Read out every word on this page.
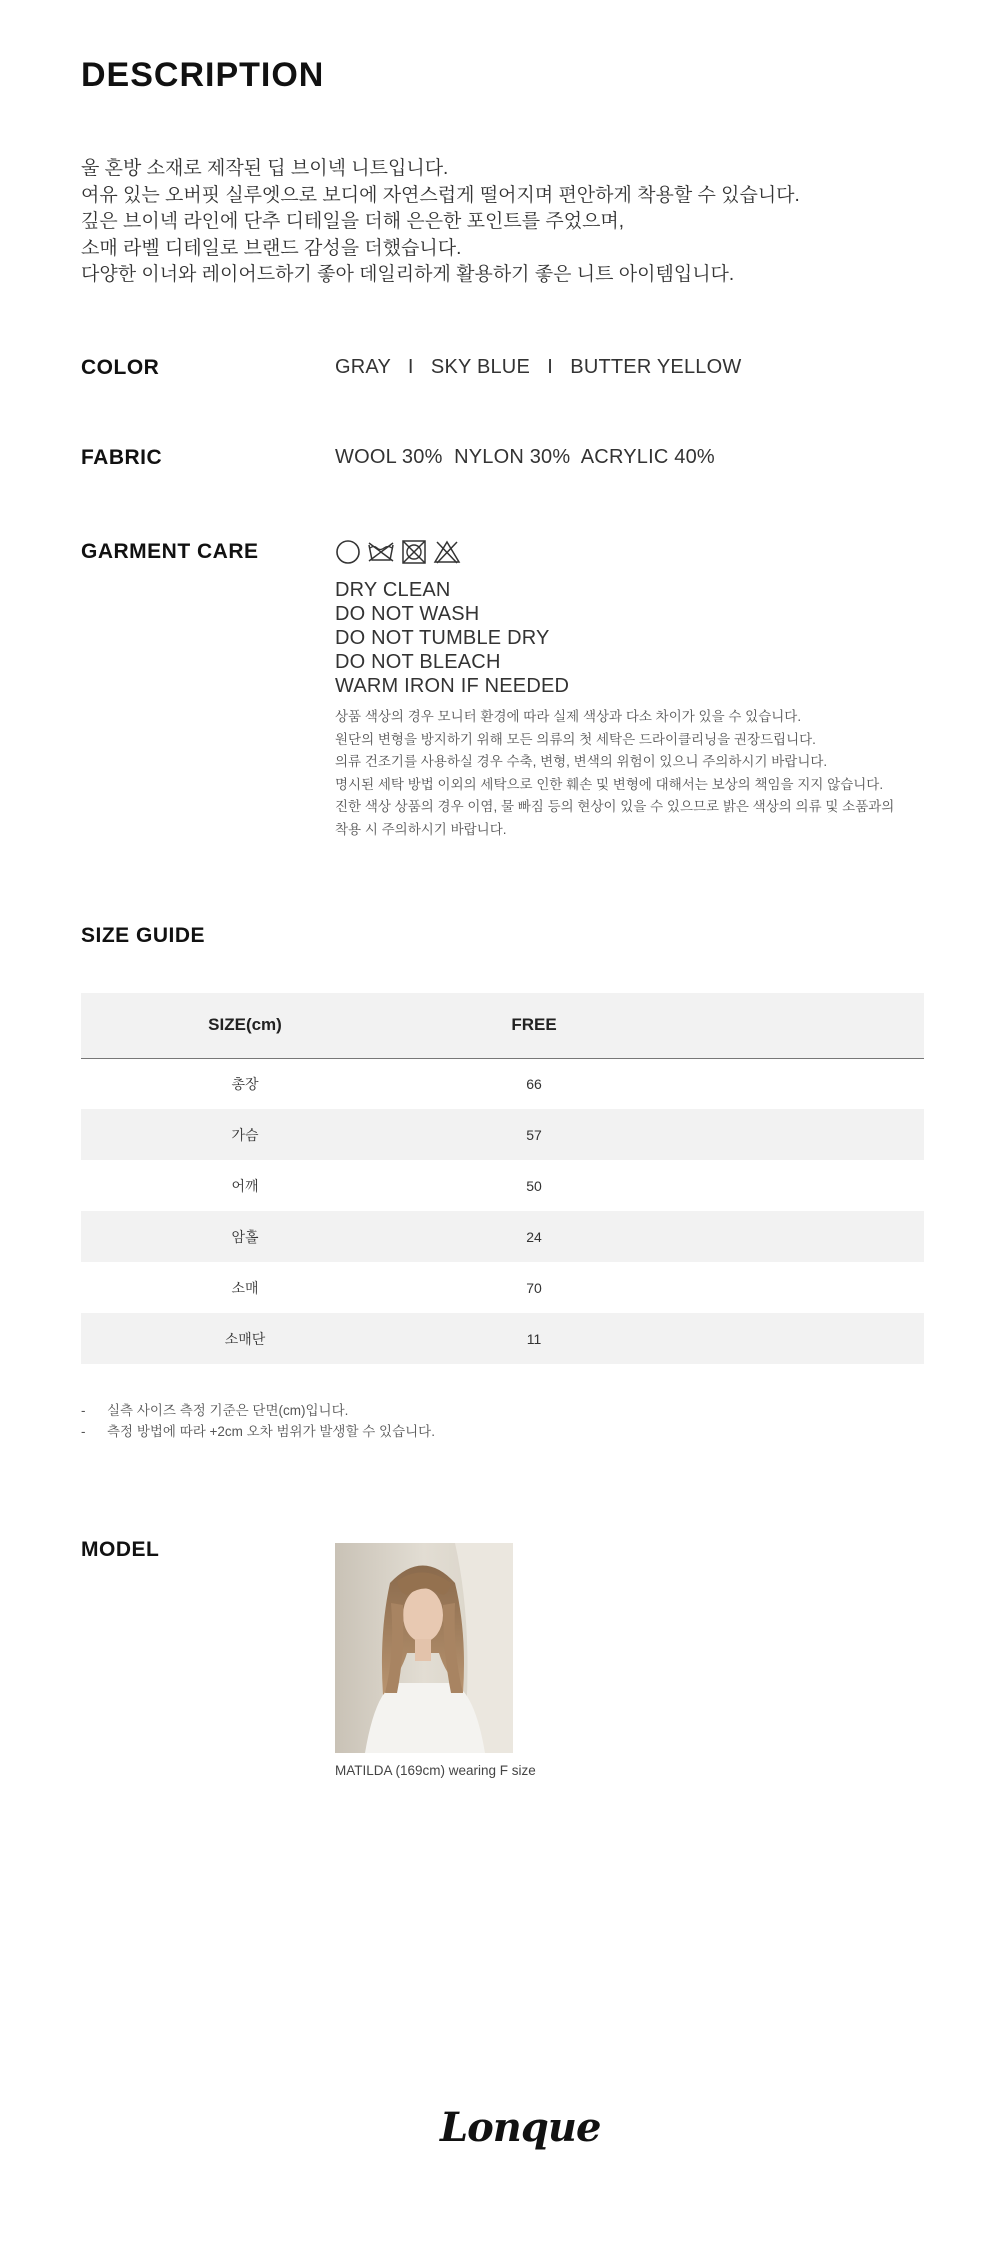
DESCRIPTION
울 혼방 소재로 제작된 딥 브이넥 니트입니다.
여유 있는 오버핏 실루엣으로 보디에 자연스럽게 떨어지며 편안하게 착용할 수 있습니다.
깊은 브이넥 라인에 단추 디테일을 더해 은은한 포인트를 주었으며,
소매 라벨 디테일로 브랜드 감성을 더했습니다.
다양한 이너와 레이어드하기 좋아 데일리하게 활용하기 좋은 니트 아이템입니다.
COLOR	GRAY   I   SKY BLUE   I   BUTTER YELLOW
FABRIC	WOOL 30%  NYLON 30%  ACRYLIC 40%
GARMENT CARE
DRY CLEAN
DO NOT WASH
DO NOT TUMBLE DRY
DO NOT BLEACH
WARM IRON IF NEEDED
상품 색상의 경우 모니터 환경에 따라 실제 색상과 다소 차이가 있을 수 있습니다.
원단의 변형을 방지하기 위해 모든 의류의 첫 세탁은 드라이클리닝을 권장드립니다.
의류 건조기를 사용하실 경우 수축, 변형, 변색의 위험이 있으니 주의하시기 바랍니다.
명시된 세탁 방법 이외의 세탁으로 인한 훼손 및 변형에 대해서는 보상의 책임을 지지 않습니다.
진한 색상 상품의 경우 이염, 물 빠짐 등의 현상이 있을 수 있으므로 밝은 색상의 의류 및 소품과의
착용 시 주의하시기 바랍니다.
SIZE GUIDE
SIZE(cm)	FREE	
총장	66	
가슴	57	
어깨	50	
암홀	24	
소매	70	
소매단	11	
- 실측 사이즈 측정 기준은 단면(cm)입니다.
- 측정 방법에 따라 +2cm 오차 범위가 발생할 수 있습니다.
MODEL
MATILDA (169cm) wearing F size
Lonque
